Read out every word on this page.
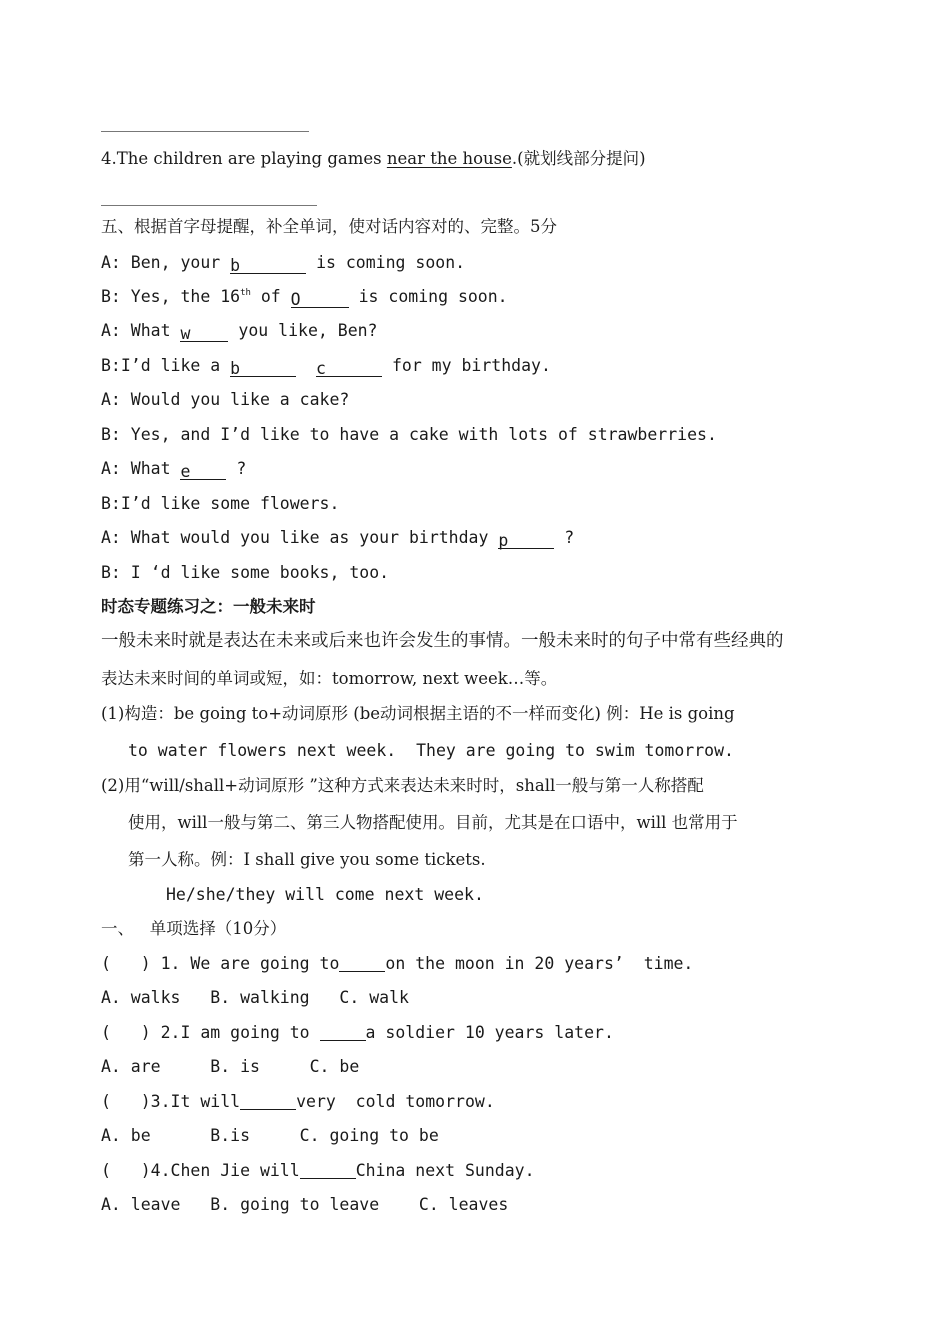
4.The children are playing games near the house.(就划线部分提问)
五、根据首字母提醒，补全单词，使对话内容对的、完整。5分
A: Ben, your b	is coming soon.
B: Yes, the 16th of O	is coming soon.
A: What w you like, Ben?
B:I’d like a b	c	for my birthday.
A: Would you like a cake?
B: Yes, and I’d like to have a cake with lots of strawberries.
A: What e ?
B:I’d like some flowers.
A: What would you like as your birthday p	?
B: I ‘d like some books, too.
时态专题练习之：一般未来时
一般未来时就是表达在未来或后来也许会发生的事情。一般未来时的句子中常有些经典的
表达未来时间的单词或短，如：tomorrow, next week…等。
(1)构造：be going to+动词原形 (be动词根据主语的不一样而变化) 例：He is going
to water flowers next week.  They are going to swim tomorrow.
(2)用“will/shall+动词原形 ”这种方式来表达未来时时，shall一般与第一人称搭配
使用，will一般与第二、第三人物搭配使用。目前，尤其是在口语中，will 也常用于
第一人称。例：I shall give you some tickets.
He/she/they will come next week.
一、   单项选择（10分）
(   ) 1. We are going to	on the moon in 20 years’  time.
A. walks   B. walking   C. walk
(   ) 2.I am going to	a soldier 10 years later.
A. are     B. is     C. be
(   )3.It will	very  cold tomorrow.
A. be      B.is     C. going to be
(   )4.Chen Jie will	China next Sunday.
A. leave   B. going to leave    C. leaves
